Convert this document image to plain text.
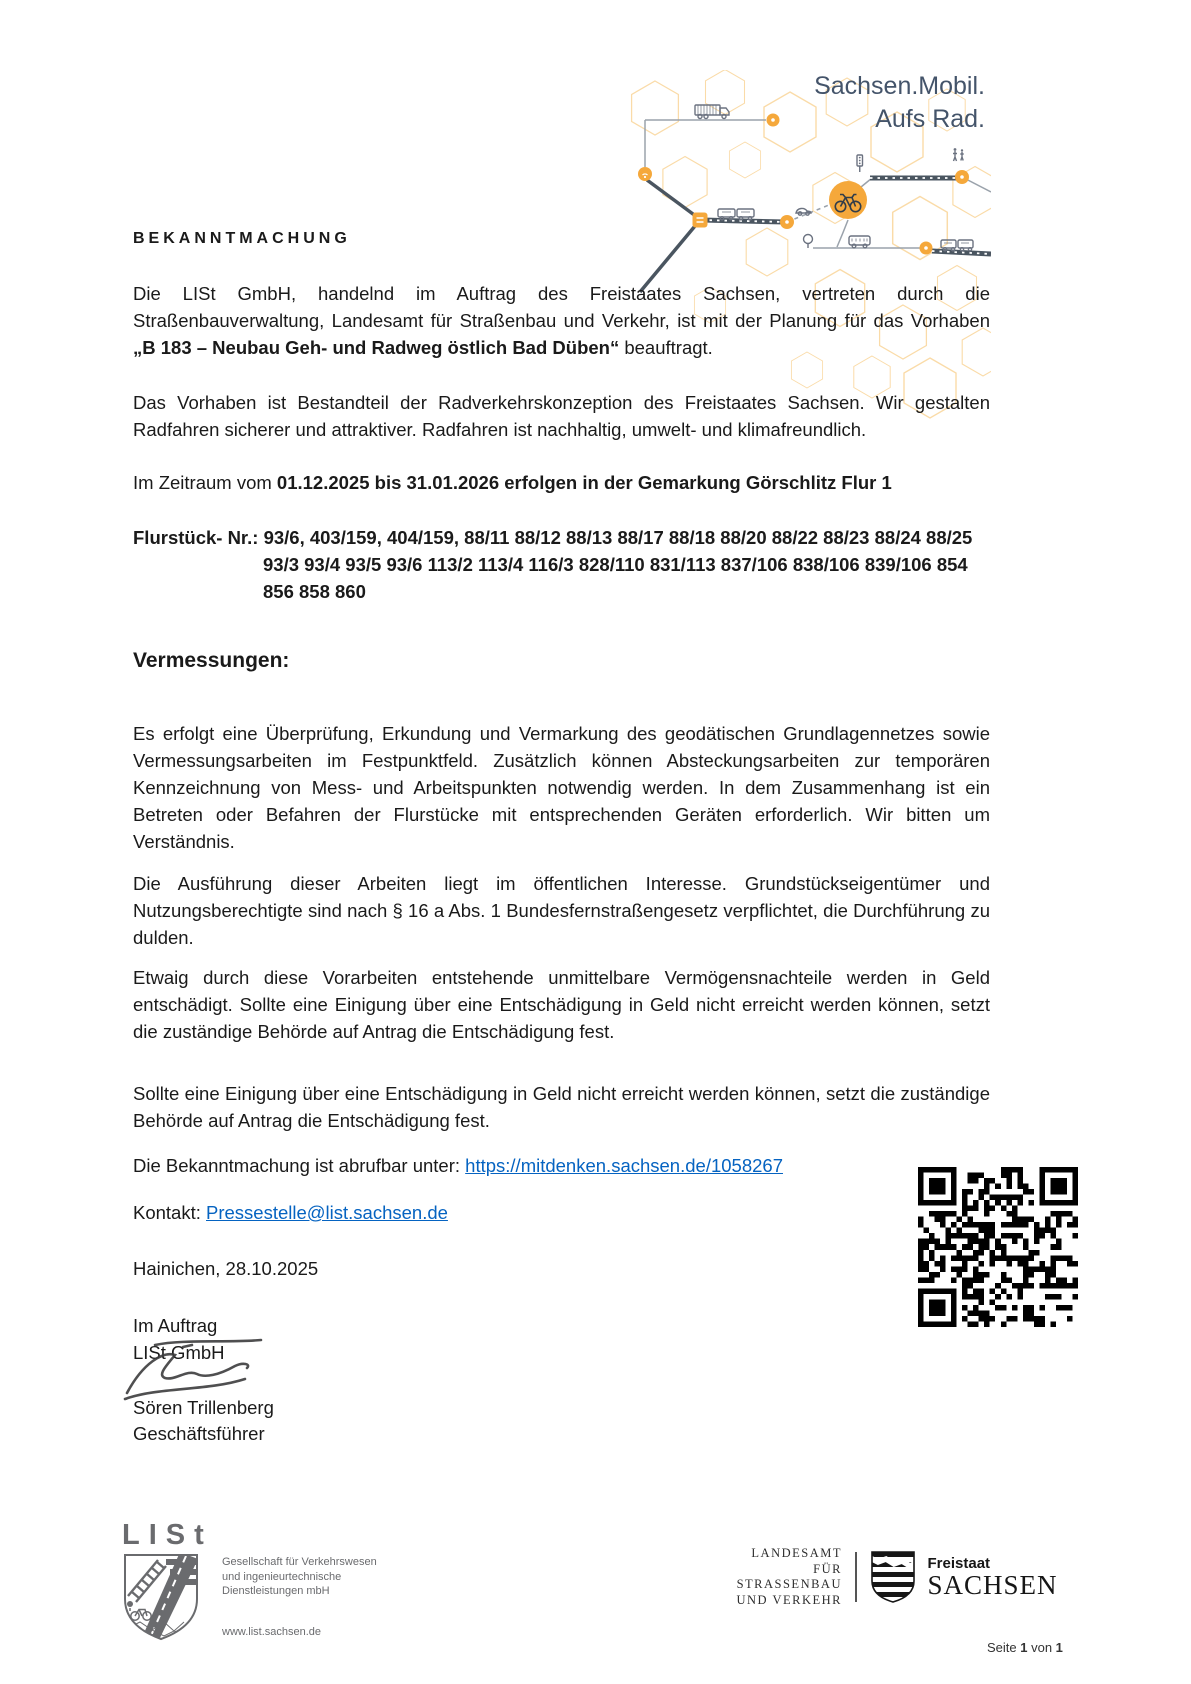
Sachsen.Mobil.
Aufs Rad.
BEKANNTMACHUNG

Die LISt GmbH, handelnd im Auftrag des Freistaates Sachsen, vertreten durch die Straßenbauverwaltung, Landesamt für Straßenbau und Verkehr, ist mit der Planung für das Vorhaben „B 183 – Neubau Geh- und Radweg östlich Bad Düben“ beauftragt.

Das Vorhaben ist Bestandteil der Radverkehrskonzeption des Freistaates Sachsen. Wir gestalten Radfahren sicherer und attraktiver. Radfahren ist nachhaltig, umwelt- und klimafreundlich.

Im Zeitraum vom 01.12.2025 bis 31.01.2026 erfolgen in der Gemarkung Görschlitz Flur 1

Flurstück- Nr.: 93/6, 403/159, 404/159, 88/11 88/12 88/13 88/17 88/18 88/20 88/22 88/23 88/24 88/25 93/3 93/4 93/5 93/6 113/2 113/4 116/3 828/110 831/113 837/106 838/106 839/106 854 856 858 860

Vermessungen:

Es erfolgt eine Überprüfung, Erkundung und Vermarkung des geodätischen Grundlagennetzes sowie Vermessungsarbeiten im Festpunktfeld. Zusätzlich können Absteckungsarbeiten zur temporären Kennzeichnung von Mess- und Arbeitspunkten notwendig werden. In dem Zusammenhang ist ein Betreten oder Befahren der Flurstücke mit entsprechenden Geräten erforderlich. Wir bitten um Verständnis.

Die Ausführung dieser Arbeiten liegt im öffentlichen Interesse. Grundstückseigentümer und Nutzungsberechtigte sind nach § 16 a Abs. 1 Bundesfernstraßengesetz verpflichtet, die Durchführung zu dulden.

Etwaig durch diese Vorarbeiten entstehende unmittelbare Vermögensnachteile werden in Geld entschädigt. Sollte eine Einigung über eine Entschädigung in Geld nicht erreicht werden können, setzt die zuständige Behörde auf Antrag die Entschädigung fest.

Sollte eine Einigung über eine Entschädigung in Geld nicht erreicht werden können, setzt die zuständige Behörde auf Antrag die Entschädigung fest.

Die Bekanntmachung ist abrufbar unter: https://mitdenken.sachsen.de/1058267

Kontakt: Pressestelle@list.sachsen.de

Hainichen, 28.10.2025

Im Auftrag
LISt GmbH

Sören Trillenberg
Geschäftsführer

LISt
Gesellschaft für Verkehrswesen
und ingenieurtechnische
Dienstleistungen mbH
www.list.sachsen.de
LANDESAMT
FÜR STRASSENBAU
UND VERKEHR
Freistaat
SACHSEN
Seite 1 von 1
